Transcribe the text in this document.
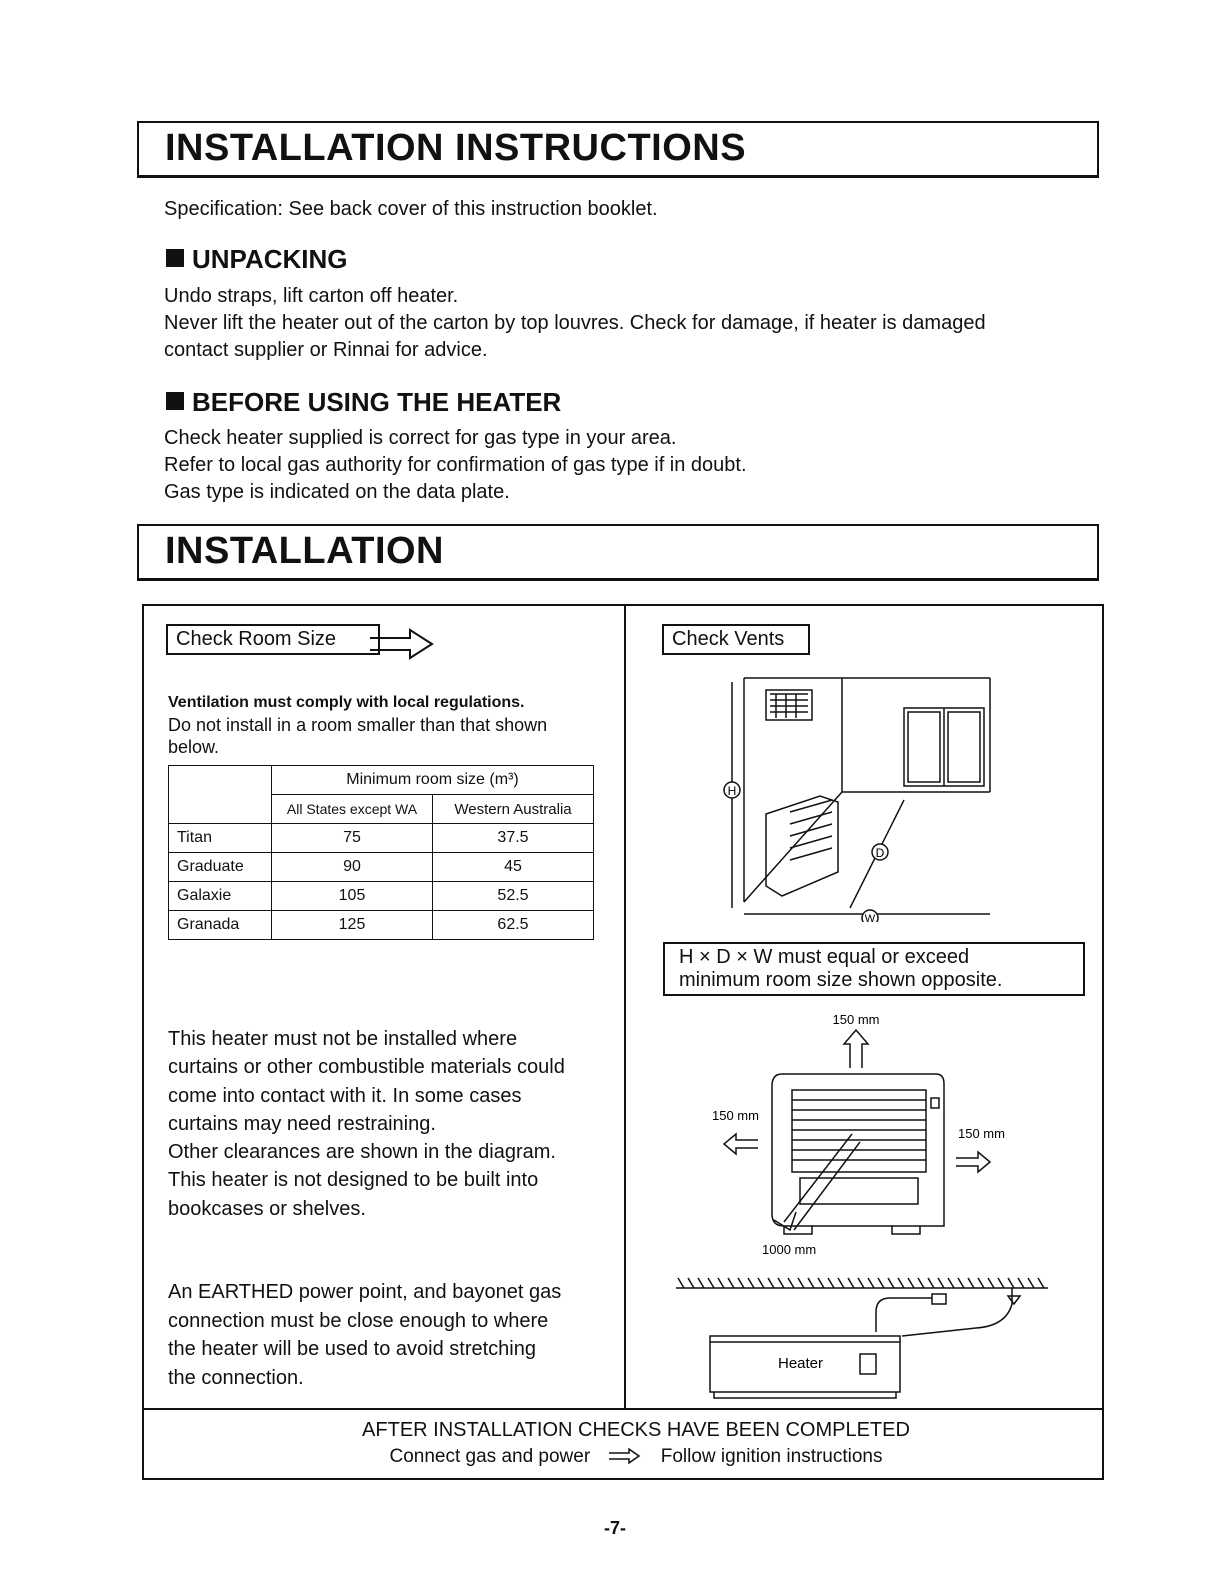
INSTALLATION INSTRUCTIONS
Specification: See back cover of this instruction booklet.
UNPACKING
Undo straps, lift carton off heater.
Never lift the heater out of the carton by top louvres. Check for damage, if heater is damaged
contact supplier or Rinnai for advice.
BEFORE USING THE HEATER
Check heater supplied is correct for gas type in your area.
Refer to local gas authority for confirmation of gas type if in doubt.
Gas type is indicated on the data plate.
INSTALLATION
Check Room Size
Ventilation must comply with local regulations.
Do not install in a room smaller than that shown
below.
	Minimum room size (m³)	
	All States except WA	Western Australia
Titan	75	37.5
Graduate	90	45
Galaxie	105	52.5
Granada	125	62.5
This heater must not be installed where
curtains or other combustible materials could
come into contact with it. In some cases
curtains may need restraining.
Other clearances are shown in the diagram.
This heater is not designed to be built into
bookcases or shelves.
An EARTHED power point, and bayonet gas
connection must be close enough to where
the heater will be used to avoid stretching
the connection.
Check Vents
H
D
W
H × D × W must equal or exceed
minimum room size shown opposite.
150 mm
150 mm
150 mm
1000 mm
Heater
AFTER INSTALLATION CHECKS HAVE BEEN COMPLETED
Connect gas and power	Follow ignition instructions
-7-
